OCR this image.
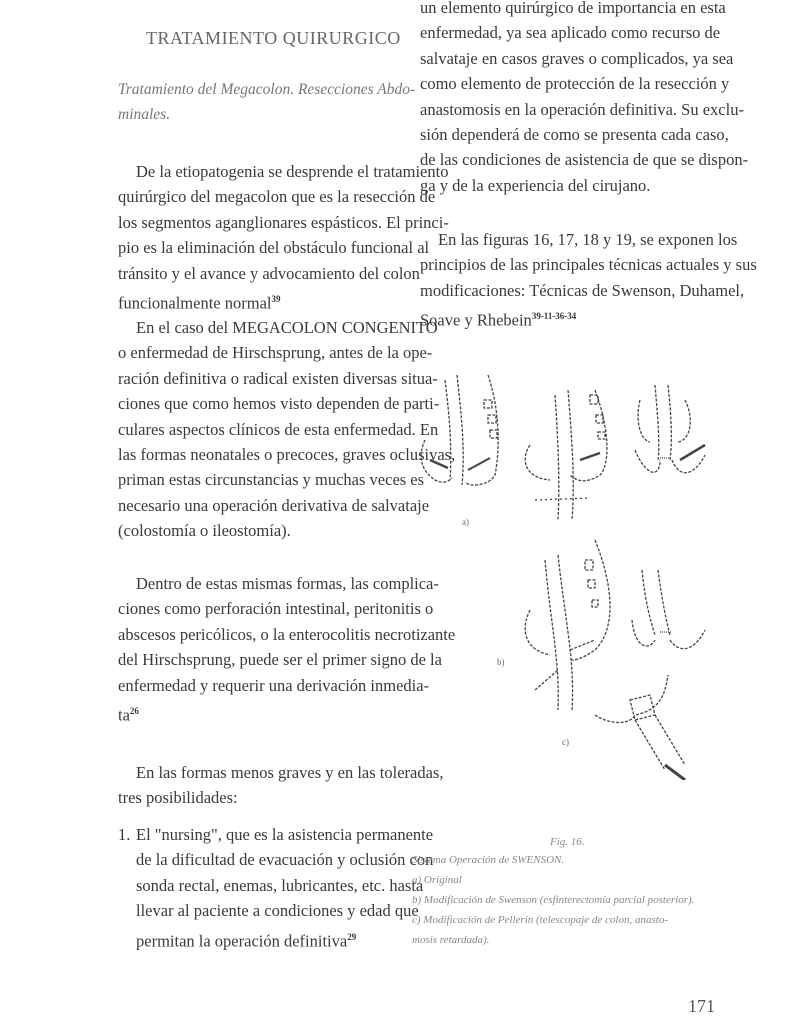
TRATAMIENTO QUIRURGICO
Tratamiento del Megacolon. Resecciones Abdo-
minales.
De la etiopatogenia se desprende el tratamiento
quirúrgico del megacolon que es la resección de
los segmentos aganglionares espásticos. El princi-
pio es la eliminación del obstáculo funcional al
tránsito y el avance y advocamiento del colon
funcionalmente normal$^{39}$
En el caso del MEGACOLON CONGENITO
o enfermedad de Hirschsprung, antes de la ope-
ración definitiva o radical existen diversas situa-
ciones que como hemos visto dependen de parti-
culares aspectos clínicos de esta enfermedad. En
las formas neonatales o precoces, graves oclusivas,
priman estas circunstancias y muchas veces es
necesario una operación derivativa de salvataje
(colostomía o ileostomía).
Dentro de estas mismas formas, las complica-
ciones como perforación intestinal, peritonitis o
abscesos pericólicos, o la enterocolitis necrotizante
del Hirschsprung, puede ser el primer signo de la
enfermedad y requerir una derivación inmedia-
$ta^{26}$
En las formas menos graves y en las toleradas,
tres posibilidades:
El "nursing", que es la asistencia permanente
1.
de la dificultad de evacuación y oclusión con
sonda rectal, enemas, lubricantes, etc. hasta
llevar al paciente a condiciones y edad que
permitan la operación definitiva$^{29}$
un elemento quirúrgico de importancia en esta
enfermedad, ya sea aplicado como recurso de
salvataje en casos graves o complicados, ya sea
como elemento de protección de la resección y
anastomosis en la operación definitiva. Su exclu-
sión dependerá de como se presenta cada caso,
de las condiciones de asistencia de que se dispon-
ga y de la experiencia del cirujano.
En las figuras 16, 17, 18 y 19, se exponen los
principios de las principales técnicas actuales y sus
modificaciones: Técnicas de Swenson, Duhamel,
Soave y Rhebein$^{39-11-36-34}$
a)
b)
c)
Fig. 16.
Sistema Operación de SWENSON.
a) Original
b) Modificación de Swenson (esfinterectomía parcial posterior).
c) Modificación de Pellerin (telescopaje de colon, anasto-
mosis retardada).
171
